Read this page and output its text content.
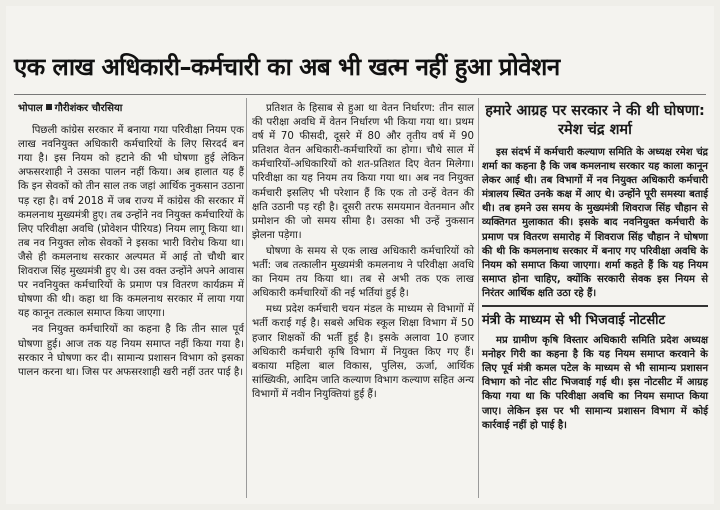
एक लाख अधिकारी–कर्मचारी का अब भी खत्म नहीं हुआ प्रोवेशन
भोपाल गौरीशंकर चौरसिया

पिछली कांग्रेस सरकार में बनाया गया परिवीक्षा नियम एक लाख नवनियुक्त अधिकारी कर्मचारियों के लिए सिरदर्द बन गया है। इस नियम को हटाने की भी घोषणा हुई लेकिन अफसरशाही ने उसका पालन नहीं किया। अब हालात यह हैं कि इन सेवकों को तीन साल तक जहां आर्थिक नुकसान उठाना पड़ रहा है। वर्ष 2018 में जब राज्य में कांग्रेस की सरकार में कमलनाथ मुख्यमंत्री हुए। तब उन्होंने नव नियुक्त कर्मचारियों के लिए परिवीक्षा अवधि (प्रोवेशन पीरियड) नियम लागू किया था। तब नव नियुक्त लोक सेवकों ने इसका भारी विरोध किया था। जैसे ही कमलनाथ सरकार अल्पमत में आई तो चौथी बार शिवराज सिंह मुख्यमंत्री हुए थे। उस वक्त उन्होंने अपने आवास पर नवनियुक्त कर्मचारियों के प्रमाण पत्र वितरण कार्यक्रम में घोषणा की थी। कहा था कि कमलनाथ सरकार में लाया गया यह कानून तत्काल समाप्त किया जाएगा।

नव नियुक्त कर्मचारियों का कहना है कि तीन साल पूर्व घोषणा हुई। आज तक यह नियम समाप्त नहीं किया गया है। सरकार ने घोषणा कर दी। सामान्य प्रशासन विभाग को इसका पालन करना था। जिस पर अफसरशाही खरी नहीं उतर पाई है।

प्रतिशत के हिसाब से हुआ था वेतन निर्धारण: तीन साल की परीक्षा अवधि में वेतन निर्धारण भी किया गया था। प्रथम वर्ष में 70 फीसदी, दूसरे में 80 और तृतीय वर्ष में 90 प्रतिशत वेतन अधिकारी-कर्मचारियों का होगा। चौथे साल में कर्मचारियों-अधिकारियों को शत-प्रतिशत दिए वेतन मिलेगा। परिवीक्षा का यह नियम तय किया गया था। अब नव नियुक्त कर्मचारी इसलिए भी परेशान हैं कि एक तो उन्हें वेतन की क्षति उठानी पड़ रही है। दूसरी तरफ समयमान वेतनमान और प्रमोशन की जो समय सीमा है। उसका भी उन्हें नुकसान झेलना पड़ेगा।

घोषणा के समय से एक लाख अधिकारी कर्मचारियों को भर्ती: जब तत्कालीन मुख्यमंत्री कमलनाथ ने परिवीक्षा अवधि का नियम तय किया था। तब से अभी तक एक लाख अधिकारी कर्मचारियों की नई भर्तियां हुई है।

मध्य प्रदेश कर्मचारी चयन मंडल के माध्यम से विभागों में भर्ती कराई गई है। सबसे अधिक स्कूल शिक्षा विभाग में 50 हजार शिक्षकों की भर्ती हुई है। इसके अलावा 10 हजार अधिकारी कर्मचारी कृषि विभाग में नियुक्त किए गए हैं। बकाया महिला बाल विकास, पुलिस, ऊर्जा, आर्थिक सांख्यिकी, आदिम जाति कल्याण विभाग कल्याण सहित अन्य विभागों में नवीन नियुक्तियां हुई हैं।

हमारे आग्रह पर सरकार ने की थी घोषणा: रमेश चंद्र शर्मा

इस संदर्भ में कर्मचारी कल्याण समिति के अध्यक्ष रमेश चंद्र शर्मा का कहना है कि जब कमलनाथ सरकार यह काला कानून लेकर आई थी। तब विभागों में नव नियुक्त अधिकारी कर्मचारी मंत्रालय स्थित उनके कक्ष में आए थे। उन्होंने पूरी समस्या बताई थी। तब हमने उस समय के मुख्यमंत्री शिवराज सिंह चौहान से व्यक्तिगत मुलाकात की। इसके बाद नवनियुक्त कर्मचारी के प्रमाण पत्र वितरण समारोह में शिवराज सिंह चौहान ने घोषणा की थी कि कमलनाथ सरकार में बनाए गए परिवीक्षा अवधि के नियम को समाप्त किया जाएगा। शर्मा कहते हैं कि यह नियम समाप्त होना चाहिए, क्योंकि सरकारी सेवक इस नियम से निरंतर आर्थिक क्षति उठा रहे हैं।

मंत्री के माध्यम से भी भिजवाई नोटसीट

मप्र ग्रामीण कृषि विस्तार अधिकारी समिति प्रदेश अध्यक्ष मनोहर गिरी का कहना है कि यह नियम समाप्त करवाने के लिए पूर्व मंत्री कमल पटेल के माध्यम से भी सामान्य प्रशासन विभाग को नोट सीट भिजवाई गई थी। इस नोटसीट में आग्रह किया गया था कि परिवीक्षा अवधि का नियम समाप्त किया जाए। लेकिन इस पर भी सामान्य प्रशासन विभाग में कोई कार्रवाई नहीं हो पाई है।
